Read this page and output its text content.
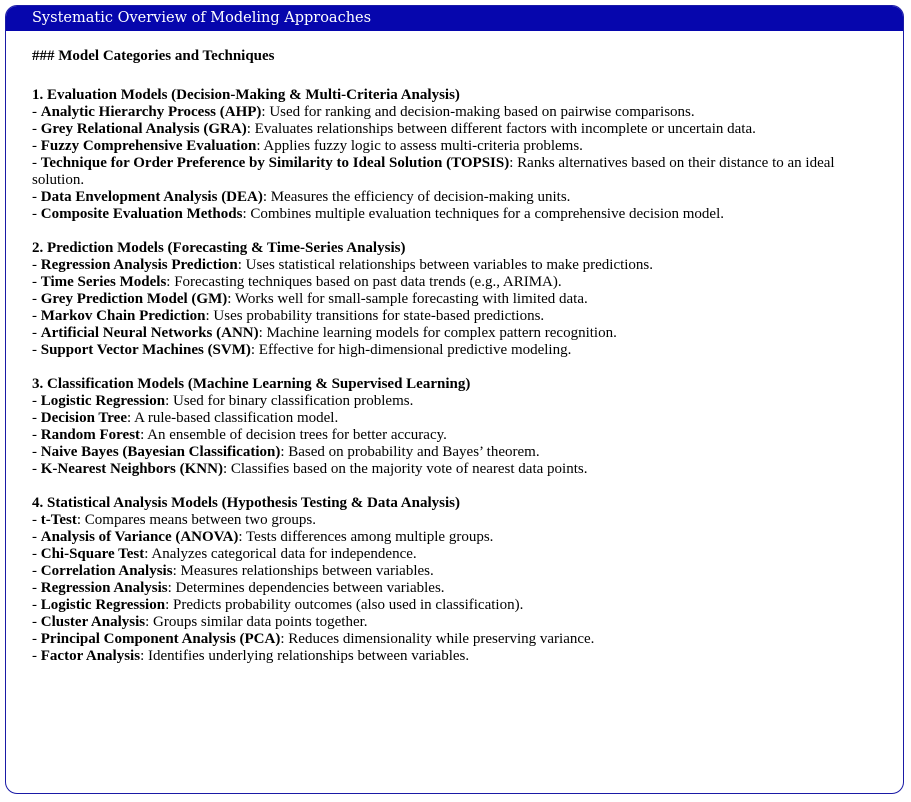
Systematic Overview of Modeling Approaches
### Model Categories and Techniques
1. Evaluation Models (Decision-Making & Multi-Criteria Analysis)
- Analytic Hierarchy Process (AHP): Used for ranking and decision-making based on pairwise comparisons.
- Grey Relational Analysis (GRA): Evaluates relationships between different factors with incomplete or uncertain data.
- Fuzzy Comprehensive Evaluation: Applies fuzzy logic to assess multi-criteria problems.
- Technique for Order Preference by Similarity to Ideal Solution (TOPSIS): Ranks alternatives based on their distance to an ideal solution.
- Data Envelopment Analysis (DEA): Measures the efficiency of decision-making units.
- Composite Evaluation Methods: Combines multiple evaluation techniques for a comprehensive decision model.
2. Prediction Models (Forecasting & Time-Series Analysis)
- Regression Analysis Prediction: Uses statistical relationships between variables to make predictions.
- Time Series Models: Forecasting techniques based on past data trends (e.g., ARIMA).
- Grey Prediction Model (GM): Works well for small-sample forecasting with limited data.
- Markov Chain Prediction: Uses probability transitions for state-based predictions.
- Artificial Neural Networks (ANN): Machine learning models for complex pattern recognition.
- Support Vector Machines (SVM): Effective for high-dimensional predictive modeling.
3. Classification Models (Machine Learning & Supervised Learning)
- Logistic Regression: Used for binary classification problems.
- Decision Tree: A rule-based classification model.
- Random Forest: An ensemble of decision trees for better accuracy.
- Naive Bayes (Bayesian Classification): Based on probability and Bayes’ theorem.
- K-Nearest Neighbors (KNN): Classifies based on the majority vote of nearest data points.
4. Statistical Analysis Models (Hypothesis Testing & Data Analysis)
- t-Test: Compares means between two groups.
- Analysis of Variance (ANOVA): Tests differences among multiple groups.
- Chi-Square Test: Analyzes categorical data for independence.
- Correlation Analysis: Measures relationships between variables.
- Regression Analysis: Determines dependencies between variables.
- Logistic Regression: Predicts probability outcomes (also used in classification).
- Cluster Analysis: Groups similar data points together.
- Principal Component Analysis (PCA): Reduces dimensionality while preserving variance.
- Factor Analysis: Identifies underlying relationships between variables.
